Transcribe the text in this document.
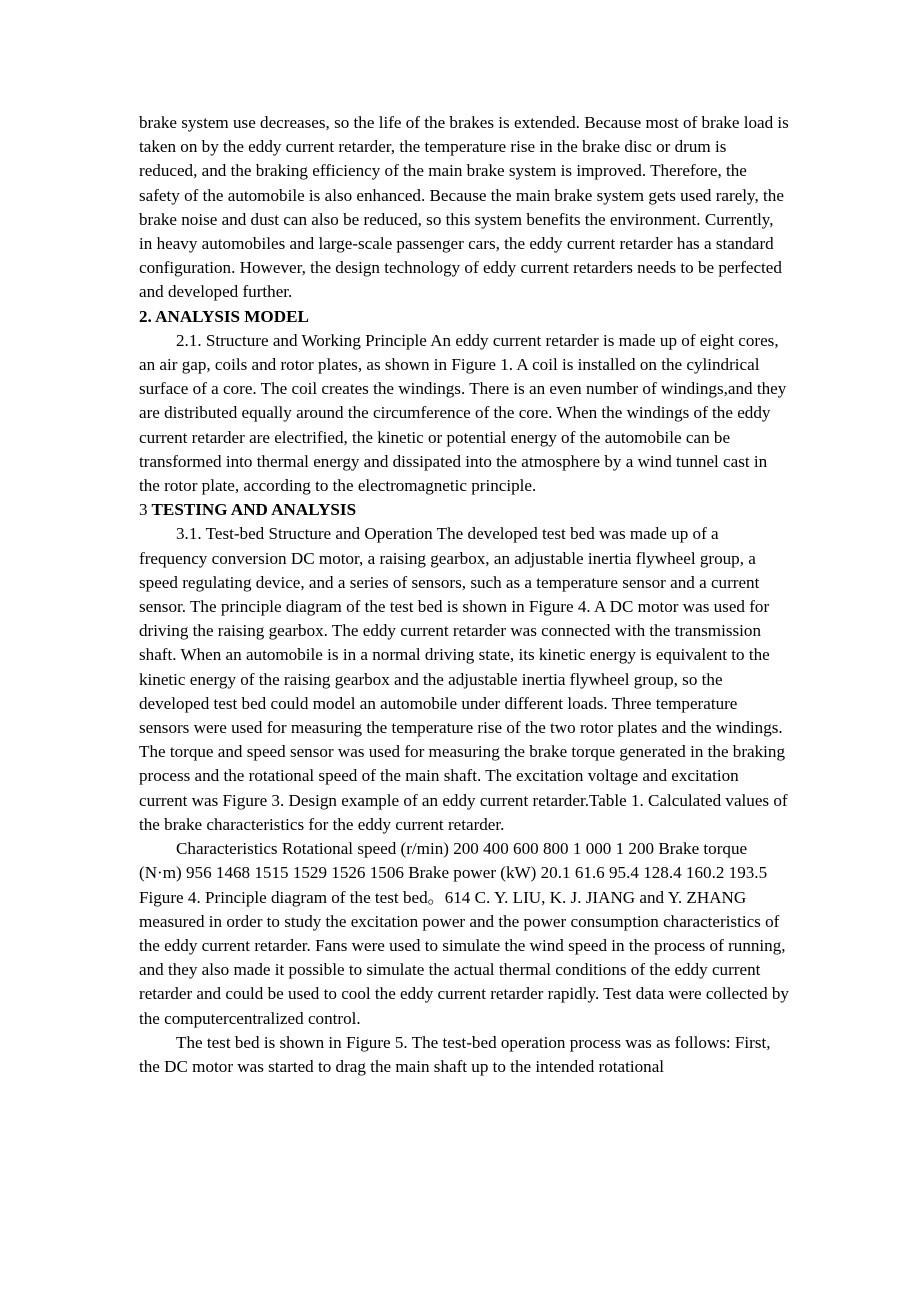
brake system use decreases, so the life of the brakes is extended. Because most of brake load is taken on by the eddy current retarder, the temperature rise in the brake disc or drum is reduced, and the braking efficiency of the main brake system is improved. Therefore, the safety of the automobile is also enhanced. Because the main brake system gets used rarely, the brake noise and dust can also be reduced, so this system benefits the environment. Currently, in heavy automobiles and large-scale passenger cars, the eddy current retarder has a standard configuration. However, the design technology of eddy current retarders needs to be perfected and developed further.

2. ANALYSIS MODEL

2.1. Structure and Working Principle An eddy current retarder is made up of eight cores, an air gap, coils and rotor plates, as shown in Figure 1. A coil is installed on the cylindrical surface of a core. The coil creates the windings. There is an even number of windings,and they are distributed equally around the circumference of the core. When the windings of the eddy current retarder are electrified, the kinetic or potential energy of the automobile can be transformed into thermal energy and dissipated into the atmosphere by a wind tunnel cast in the rotor plate, according to the electromagnetic principle.

3 TESTING AND ANALYSIS

3.1. Test-bed Structure and Operation The developed test bed was made up of a frequency conversion DC motor, a raising gearbox, an adjustable inertia flywheel group, a speed regulating device, and a series of sensors, such as a temperature sensor and a current sensor. The principle diagram of the test bed is shown in Figure 4. A DC motor was used for driving the raising gearbox. The eddy current retarder was connected with the transmission shaft. When an automobile is in a normal driving state, its kinetic energy is equivalent to the kinetic energy of the raising gearbox and the adjustable inertia flywheel group, so the developed test bed could model an automobile under different loads. Three temperature sensors were used for measuring the temperature rise of the two rotor plates and the windings. The torque and speed sensor was used for measuring the brake torque generated in the braking process and the rotational speed of the main shaft. The excitation voltage and excitation current was Figure 3. Design example of an eddy current retarder.Table 1. Calculated values of the brake characteristics for the eddy current retarder.

Characteristics Rotational speed (r/min) 200 400 600 800 1 000 1 200 Brake torque (N·m) 956 1468 1515 1529 1526 1506 Brake power (kW) 20.1 61.6 95.4 128.4 160.2 193.5 Figure 4. Principle diagram of the test bed。614 C. Y. LIU, K. J. JIANG and Y. ZHANG measured in order to study the excitation power and the power consumption characteristics of the eddy current retarder. Fans were used to simulate the wind speed in the process of running, and they also made it possible to simulate the actual thermal conditions of the eddy current retarder and could be used to cool the eddy current retarder rapidly. Test data were collected by the computercentralized control.

The test bed is shown in Figure 5. The test-bed operation process was as follows: First, the DC motor was started to drag the main shaft up to the intended rotational
